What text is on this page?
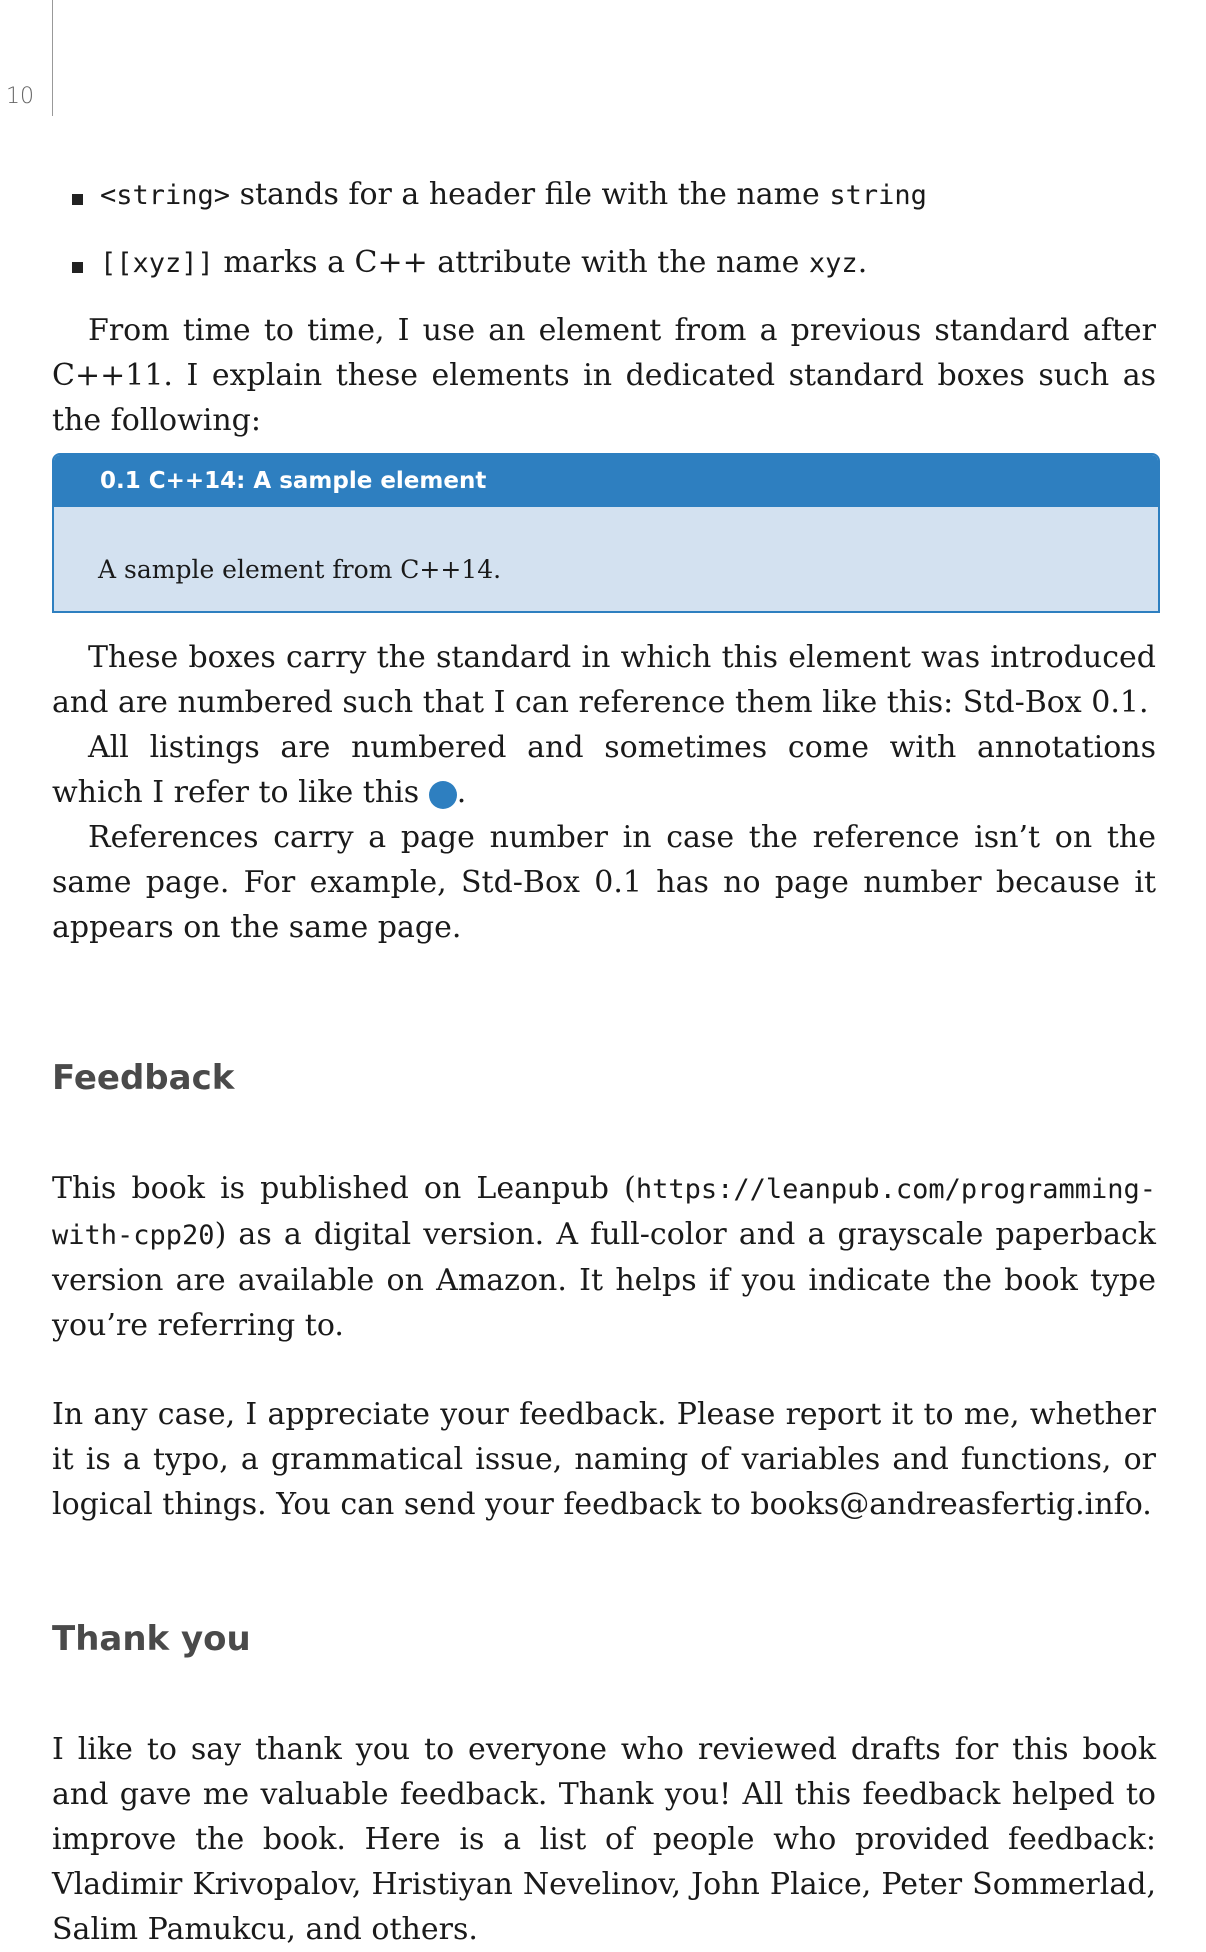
10
<string> stands for a header file with the name string
[[xyz]] marks a C++ attribute with the name xyz.

From time to time, I use an element from a previous standard after C++11. I explain these elements in dedicated standard boxes such as the following:

0.1 C++14: A sample element
A sample element from C++14.

These boxes carry the standard in which this element was introduced and are numbered such that I can reference them like this: Std-Box 0.1.

All listings are numbered and sometimes come with annotations which I refer to like this A.

References carry a page number in case the reference isn’t on the same page. For example, Std-Box 0.1 has no page number because it appears on the same page.

Feedback

This book is published on Leanpub (https://leanpub.com/programming-with-cpp20) as a digital version. A full-color and a grayscale paperback version are available on Amazon. It helps if you indicate the book type you’re referring to.

In any case, I appreciate your feedback. Please report it to me, whether it is a typo, a grammatical issue, naming of variables and functions, or logical things. You can send your feedback to books@andreasfertig.info.

Thank you

I like to say thank you to everyone who reviewed drafts for this book and gave me valuable feedback. Thank you! All this feedback helped to improve the book. Here is a list of people who provided feedback: Vladimir Krivopalov, Hristiyan Nevelinov, John Plaice, Peter Sommerlad, Salim Pamukcu, and others.
